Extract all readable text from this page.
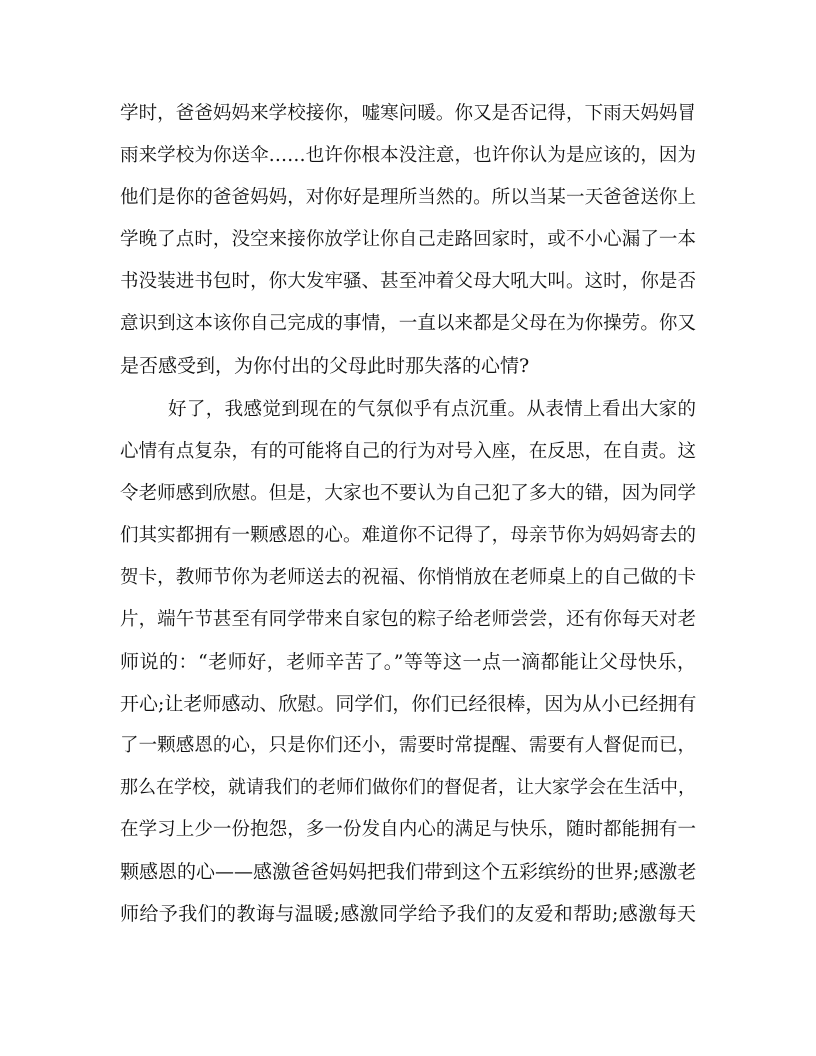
学时，爸爸妈妈来学校接你，嘘寒问暖。你又是否记得，下雨天妈妈冒
雨来学校为你送伞……也许你根本没注意，也许你认为是应该的，因为
他们是你的爸爸妈妈，对你好是理所当然的。所以当某一天爸爸送你上
学晚了点时，没空来接你放学让你自己走路回家时，或不小心漏了一本
书没装进书包时，你大发牢骚、甚至冲着父母大吼大叫。这时，你是否
意识到这本该你自己完成的事情，一直以来都是父母在为你操劳。你又
是否感受到，为你付出的父母此时那失落的心情?
好了，我感觉到现在的气氛似乎有点沉重。从表情上看出大家的
心情有点复杂，有的可能将自己的行为对号入座，在反思，在自责。这
令老师感到欣慰。但是，大家也不要认为自己犯了多大的错，因为同学
们其实都拥有一颗感恩的心。难道你不记得了，母亲节你为妈妈寄去的
贺卡，教师节你为老师送去的祝福、你悄悄放在老师桌上的自己做的卡
片，端午节甚至有同学带来自家包的粽子给老师尝尝，还有你每天对老
师说的：“老师好，老师辛苦了。”等等这一点一滴都能让父母快乐，
开心;让老师感动、欣慰。同学们，你们已经很棒，因为从小已经拥有
了一颗感恩的心，只是你们还小，需要时常提醒、需要有人督促而已，
那么在学校，就请我们的老师们做你们的督促者，让大家学会在生活中，
在学习上少一份抱怨，多一份发自内心的满足与快乐，随时都能拥有一
颗感恩的心——感激爸爸妈妈把我们带到这个五彩缤纷的世界;感激老
师给予我们的教诲与温暖;感激同学给予我们的友爱和帮助;感激每天
